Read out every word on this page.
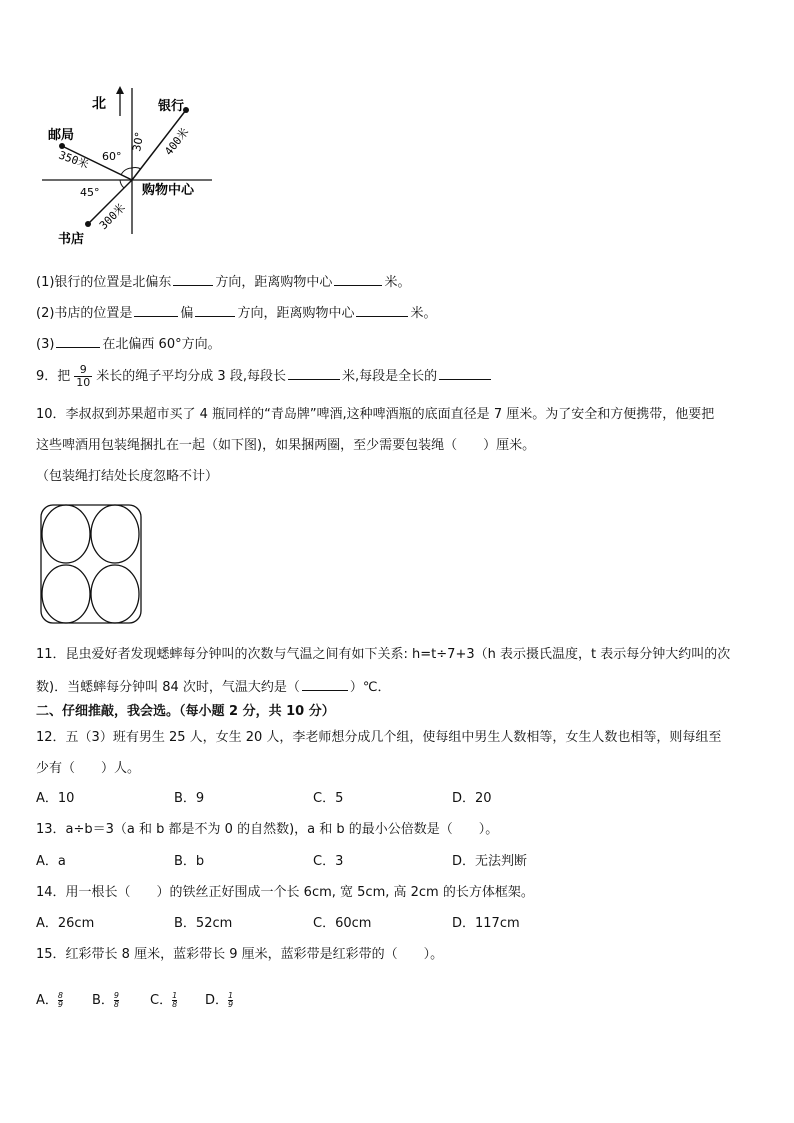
北	银行
400米
30°
邮局
350米 60°
书店
300米
45°	购物中心
(1)银行的位置是北偏东	方向，距离购物中心	米。
(2)书店的位置是	偏	方向，距离购物中心	米。
(3)	在北偏西 60°方向。
9．把 $\frac{9}{10}$ 米长的绳子平均分成 3 段,每段长	米,每段是全长的
10．李叔叔到苏果超市买了 4 瓶同样的“青岛牌”啤酒,这种啤酒瓶的底面直径是 7 厘米。为了安全和方便携带，他要把
这些啤酒用包装绳捆扎在一起（如下图)，如果捆两圈，至少需要包装绳（　　）厘米。
（包装绳打结处长度忽略不计）
11．昆虫爱好者发现蟋蟀每分钟叫的次数与气温之间有如下关系: h=t÷7+3（h 表示摄氏温度，t 表示每分钟大约叫的次
数)．当蟋蟀每分钟叫 84 次时，气温大约是（	）℃．
二、仔细推敲，我会选。（每小题 2 分，共 10 分）
12．五（3）班有男生 25 人，女生 20 人，李老师想分成几个组，使每组中男生人数相等，女生人数也相等，则每组至
少有（　　）人。
A．10	B．9	C．5	D．20
13．a÷b＝3（a 和 b 都是不为 0 的自然数)，a 和 b 的最小公倍数是（　　）。
A．a	B．b	C．3	D．无法判断
14．用一根长（　　）的铁丝正好围成一个长 6cm, 宽 5cm, 高 2cm 的长方体框架。
A．26cm	B．52cm	C．60cm	D．117cm
15．红彩带长 8 厘米，蓝彩带长 9 厘米，蓝彩带是红彩带的（　　）。
A． $\frac{8}{9}$ B． $\frac{9}{8}$ C． $\frac{1}{8}$ D． $\frac{1}{9}$
